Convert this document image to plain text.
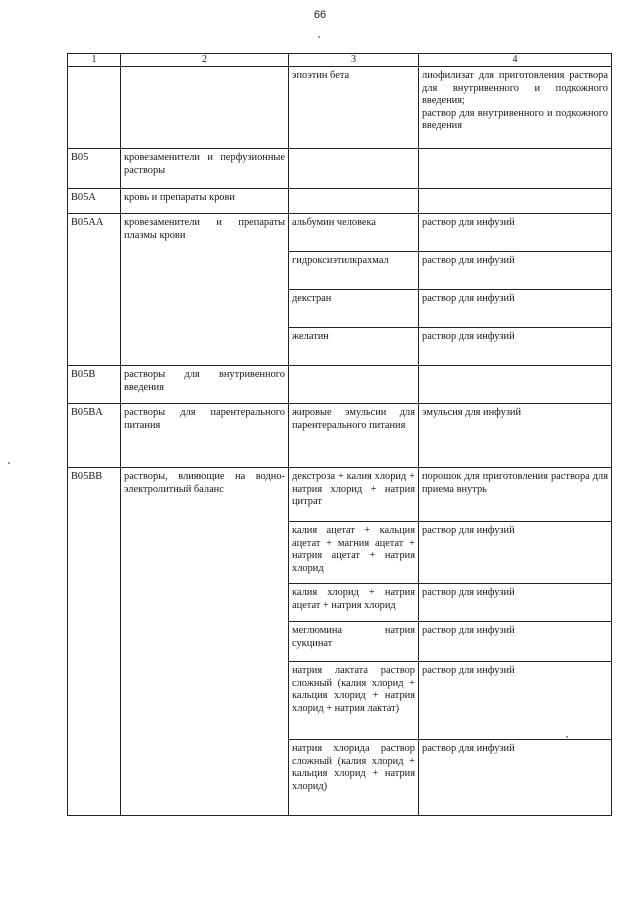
66
1	2	3	4
		эпоэтин бета	лиофилизат для приготовления раствора для внутривенного и подкожного введения;
раствор для внутривенного и подкожного введения
B05	кровезаменители и перфузионные растворы		
B05A	кровь и препараты крови		
B05AA	кровезаменители и препараты плазмы крови	альбумин человека	раствор для инфузий
		гидроксиэтилкрахмал	раствор для инфузий
		декстран	раствор для инфузий
		желатин	раствор для инфузий
B05B	растворы для внутривенного введения		
B05BA	растворы для парентерального питания	жировые эмульсии для парентерального питания	эмульсия для инфузий
B05BB	растворы, влияющие на водно-электролитный баланс	декстроза + калия хлорид + натрия хлорид + натрия цитрат	порошок для приготовления раствора для приема внутрь
		калия ацетат + кальция ацетат + магния ацетат + натрия ацетат + натрия хлорид	раствор для инфузий
		калия хлорид + натрия ацетат + натрия хлорид	раствор для инфузий
		меглюмина натрия сукцинат	раствор для инфузий
		натрия лактата раствор сложный (калия хлорид + кальция хлорид + натрия хлорид + натрия лактат)	раствор для инфузий
		натрия хлорида раствор сложный (калия хлорид + кальция хлорид + натрия хлорид)	раствор для инфузий
